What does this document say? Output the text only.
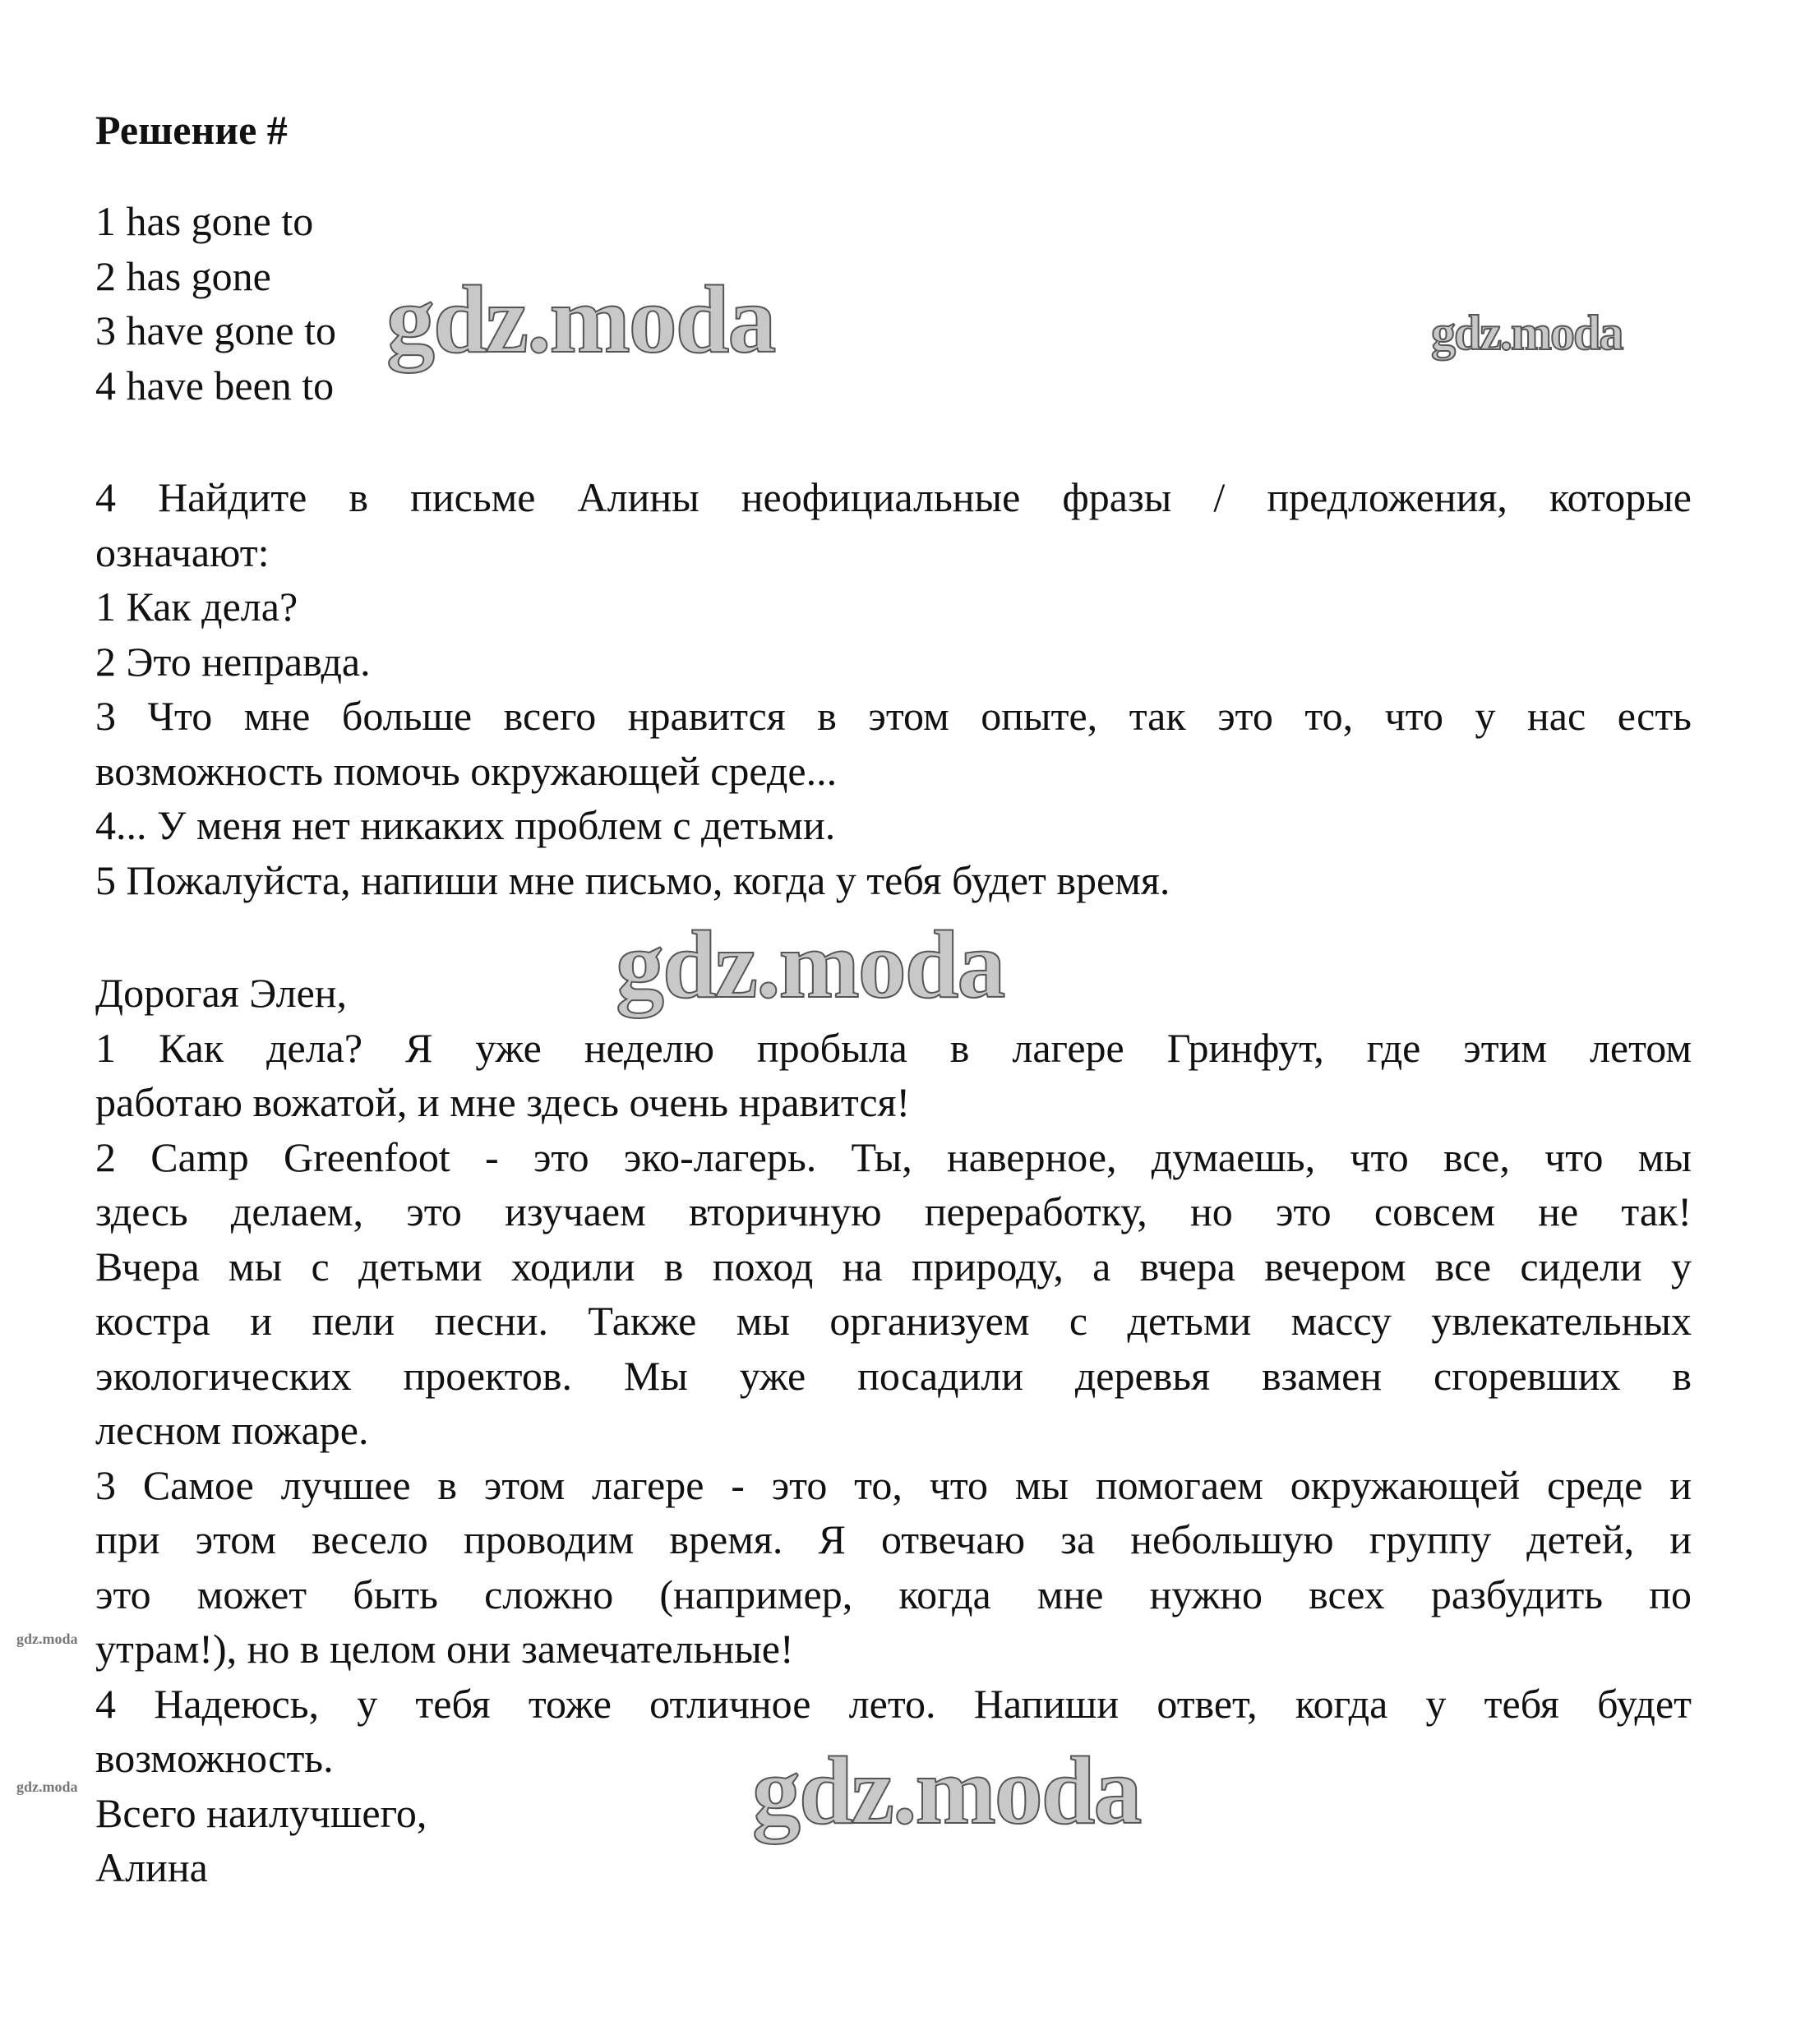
Решение #
1 has gone to
2 has gone
3 have gone to
4 have been to
4 Найдите в письме Алины неофициальные фразы / предложения, которые
означают:
1 Как дела?
2 Это неправда.
3 Что мне больше всего нравится в этом опыте, так это то, что у нас есть
возможность помочь окружающей среде...
4... У меня нет никаких проблем с детьми.
5 Пожалуйста, напиши мне письмо, когда у тебя будет время.
Дорогая Элен,
1 Как дела? Я уже неделю пробыла в лагере Гринфут, где этим летом
работаю вожатой, и мне здесь очень нравится!
2 Camp Greenfoot - это эко-лагерь. Ты, наверное, думаешь, что все, что мы
здесь делаем, это изучаем вторичную переработку, но это совсем не так!
Вчера мы с детьми ходили в поход на природу, а вчера вечером все сидели у
костра и пели песни. Также мы организуем с детьми массу увлекательных
экологических проектов. Мы уже посадили деревья взамен сгоревших в
лесном пожаре.
3 Самое лучшее в этом лагере - это то, что мы помогаем окружающей среде и
при этом весело проводим время. Я отвечаю за небольшую группу детей, и
это может быть сложно (например, когда мне нужно всех разбудить по
утрам!), но в целом они замечательные!
4 Надеюсь, у тебя тоже отличное лето. Напиши ответ, когда у тебя будет
возможность.
Всего наилучшего,
Алина
gdz.moda	gdz.moda
gdz.moda
gdz.moda
gdz.moda
gdz.moda
